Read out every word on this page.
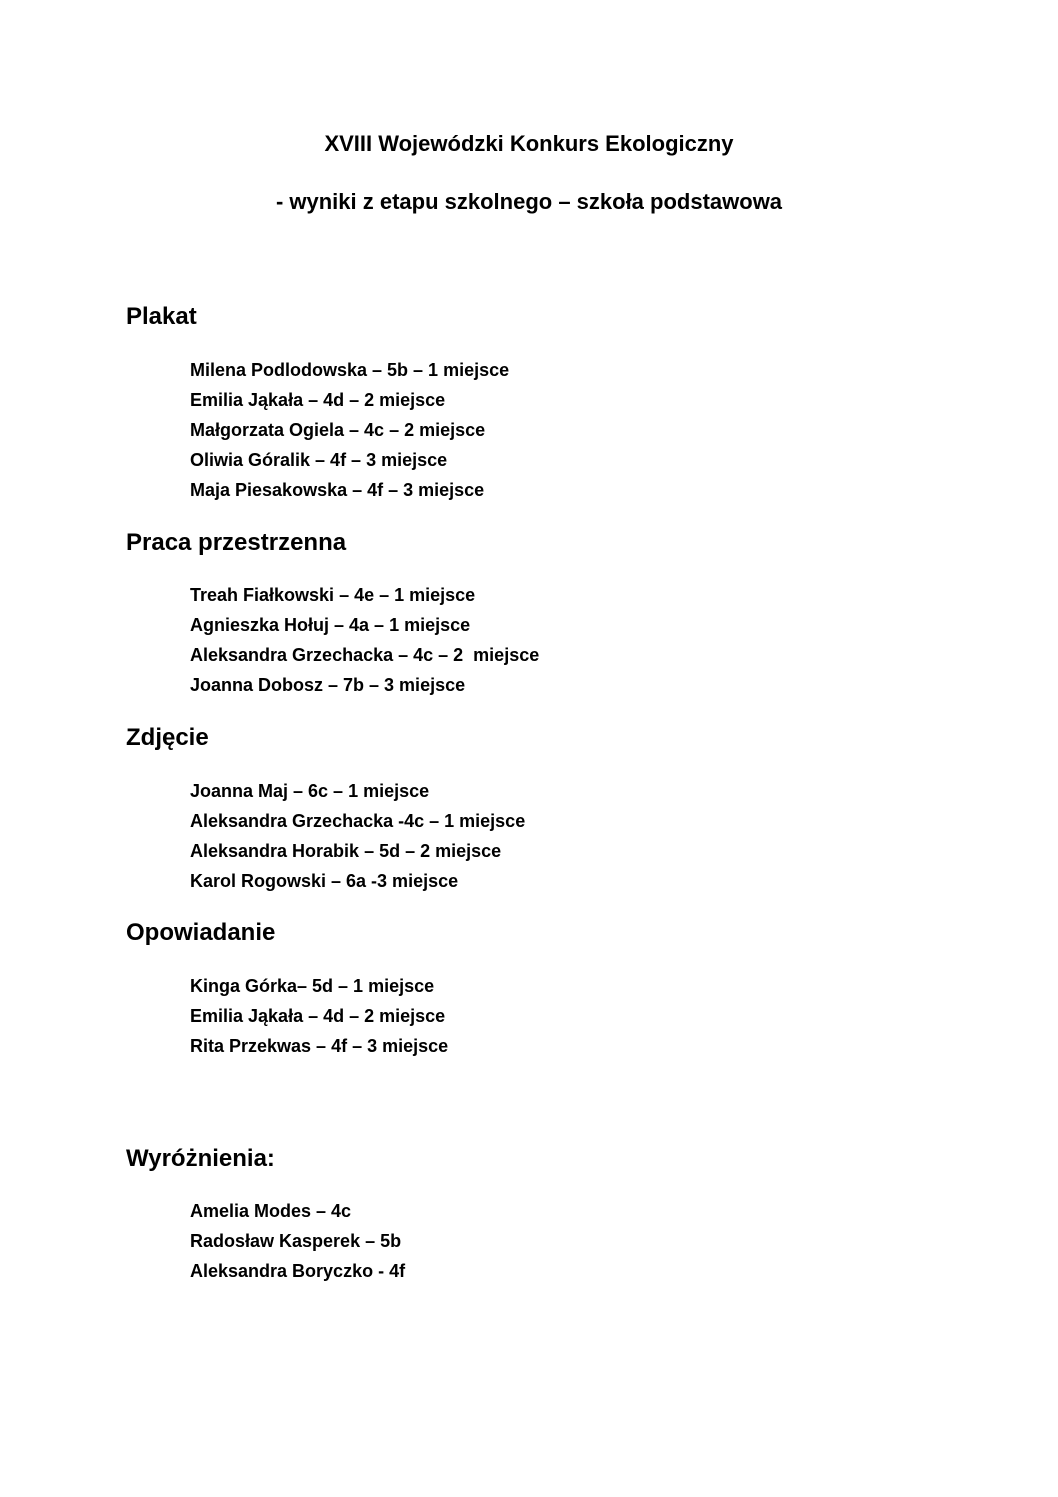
XVIII Wojewódzki Konkurs Ekologiczny
- wyniki z etapu szkolnego – szkoła podstawowa
Plakat
Milena Podlodowska – 5b – 1 miejsce
Emilia Jąkała – 4d – 2 miejsce
Małgorzata Ogiela – 4c – 2 miejsce
Oliwia Góralik – 4f – 3 miejsce
Maja Piesakowska – 4f – 3 miejsce
Praca przestrzenna
Treah Fiałkowski – 4e – 1 miejsce
Agnieszka Hołuj – 4a – 1 miejsce
Aleksandra Grzechacka – 4c – 2  miejsce
Joanna Dobosz – 7b – 3 miejsce
Zdjęcie
Joanna Maj – 6c – 1 miejsce
Aleksandra Grzechacka -4c – 1 miejsce
Aleksandra Horabik – 5d – 2 miejsce
Karol Rogowski – 6a -3 miejsce
Opowiadanie
Kinga Górka– 5d – 1 miejsce
Emilia Jąkała – 4d – 2 miejsce
Rita Przekwas – 4f – 3 miejsce
Wyróżnienia:
Amelia Modes – 4c
Radosław Kasperek – 5b
Aleksandra Boryczko - 4f
